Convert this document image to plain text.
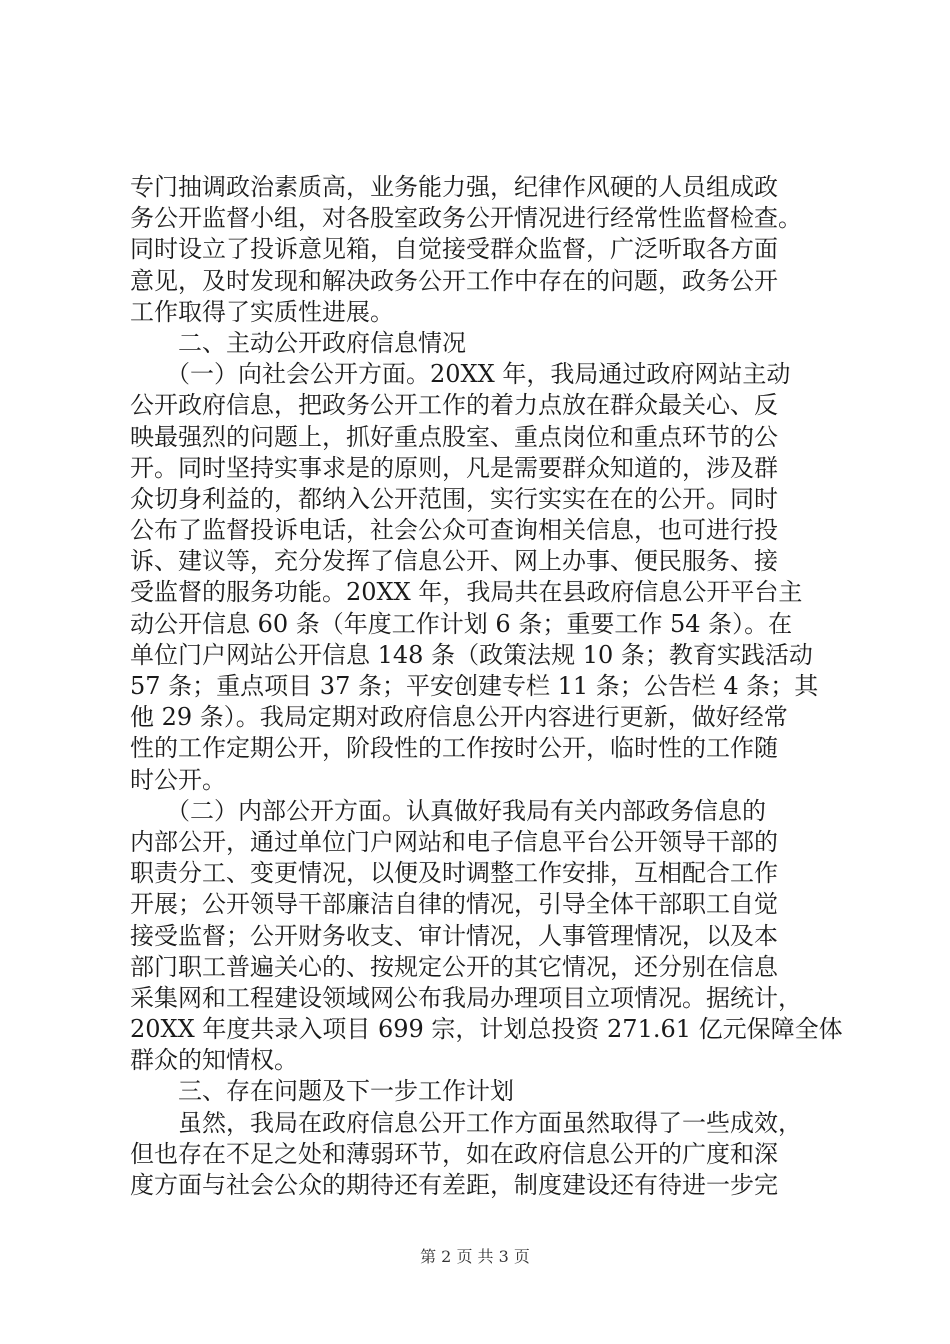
专门抽调政治素质高，业务能力强，纪律作风硬的人员组成政
务公开监督小组，对各股室政务公开情况进行经常性监督检查。
同时设立了投诉意见箱，自觉接受群众监督，广泛听取各方面
意见，及时发现和解决政务公开工作中存在的问题，政务公开
工作取得了实质性进展。
　　二、主动公开政府信息情况
　　（一）向社会公开方面。20XX 年，我局通过政府网站主动
公开政府信息，把政务公开工作的着力点放在群众最关心、反
映最强烈的问题上，抓好重点股室、重点岗位和重点环节的公
开。同时坚持实事求是的原则，凡是需要群众知道的，涉及群
众切身利益的，都纳入公开范围，实行实实在在的公开。同时
公布了监督投诉电话，社会公众可查询相关信息，也可进行投
诉、建议等，充分发挥了信息公开、网上办事、便民服务、接
受监督的服务功能。20XX 年，我局共在县政府信息公开平台主
动公开信息 60 条（年度工作计划 6 条；重要工作 54 条）。在
单位门户网站公开信息 148 条（政策法规 10 条；教育实践活动
57 条；重点项目 37 条；平安创建专栏 11 条；公告栏 4 条；其
他 29 条）。我局定期对政府信息公开内容进行更新，做好经常
性的工作定期公开，阶段性的工作按时公开，临时性的工作随
时公开。
　　（二）内部公开方面。认真做好我局有关内部政务信息的
内部公开，通过单位门户网站和电子信息平台公开领导干部的
职责分工、变更情况，以便及时调整工作安排，互相配合工作
开展；公开领导干部廉洁自律的情况，引导全体干部职工自觉
接受监督；公开财务收支、审计情况，人事管理情况，以及本
部门职工普遍关心的、按规定公开的其它情况，还分别在信息
采集网和工程建设领域网公布我局办理项目立项情况。据统计，
20XX 年度共录入项目 699 宗，计划总投资 271.61 亿元保障全体
群众的知情权。
　　三、存在问题及下一步工作计划
　　虽然，我局在政府信息公开工作方面虽然取得了一些成效，
但也存在不足之处和薄弱环节，如在政府信息公开的广度和深
度方面与社会公众的期待还有差距，制度建设还有待进一步完
第 2 页 共 3 页
